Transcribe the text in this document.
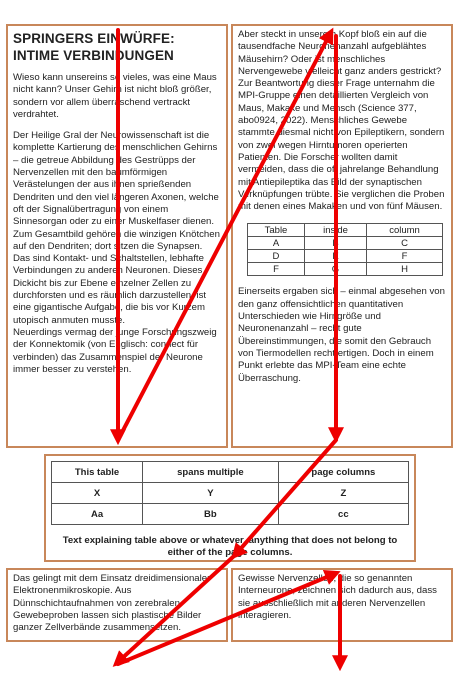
SPRINGERS EINWÜRFE: INTIME VERBINDUNGEN

Wieso kann unsereins so vieles, was eine Maus nicht kann? Unser Gehirn ist nicht bloß größer, sondern vor allem überraschend vertrackt verdrahtet.

Der Heilige Gral der Neurowissenschaft ist die komplette Kartierung des menschlichen Gehirns – die getreue Abbildung des Gestrüpps der Nervenzellen mit den baumförmigen Verästelungen der aus ihnen sprießenden Dendriten und den viel längeren Axonen, welche oft der Signalübertragung von einem Sinnesorgan oder zu einer Muskelfaser dienen. Zum Gesamtbild gehören die winzigen Knötchen auf den Dendriten; dort sitzen die Synapsen. Das sind Kontakt- und Schaltstellen, lebhafte Verbindungen zu anderen Neuronen. Dieses Dickicht bis zur Ebene einzelner Zellen zu durchforsten und es räumlich darzustellen, ist eine gigantische Aufgabe, die bis vor Kurzem utopisch anmuten musste.

Neuerdings vermag der junge Forschungszweig der Konnektomik (von Englisch: connect für verbinden) das Zusammenspiel der Neurone immer besser zu verstehen.

Aber steckt in unserem Kopf bloß ein auf die tausendfache Neuronenanzahl aufgeblähtes Mäusehirn? Oder ist menschliches Nervengewebe vielleicht ganz anders gestrickt? Zur Beantwortung dieser Frage unternahm die MPI-Gruppe einen detaillierten Vergleich von Maus, Makake und Mensch (Science 377, abo0924, 2022). Menschliches Gewebe stammte diesmal nicht von Epileptikern, sondern von zwei wegen Hirntumoren operierten Patienten. Die Forscher wollten damit vermeiden, dass die oft jahrelange Behandlung mit Antiepileptika das Bild der synaptischen Verknüpfungen trübte. Sie verglichen die Proben mit denen eines Makaken und von fünf Mäusen.

Table	inside	column
A	B	C
D	E	F
F	G	H

Einerseits ergaben sich – einmal abgesehen von den ganz offensichtlichen quantitativen Unterschieden wie Hirngröße und Neuronenanzahl – recht gute Übereinstimmungen, die somit den Gebrauch von Tiermodellen rechtfertigen. Doch in einem Punkt erlebte das MPI-Team eine echte Überraschung.

This table	spans multiple	page columns
X	Y	Z
Aa	Bb	cc
Text explaining table above or whatever, anything that does not belong to either of the page columns.

Das gelingt mit dem Einsatz dreidimensionaler Elektronenmikroskopie. Aus Dünnschichtaufnahmen von zerebralen Gewebeproben lassen sich plastische Bilder ganzer Zellverbände zusammensetzen.

Gewisse Nervenzellen, die so genannten Interneurone, zeichnen sich dadurch aus, dass sie ausschließlich mit anderen Nervenzellen interagieren.
